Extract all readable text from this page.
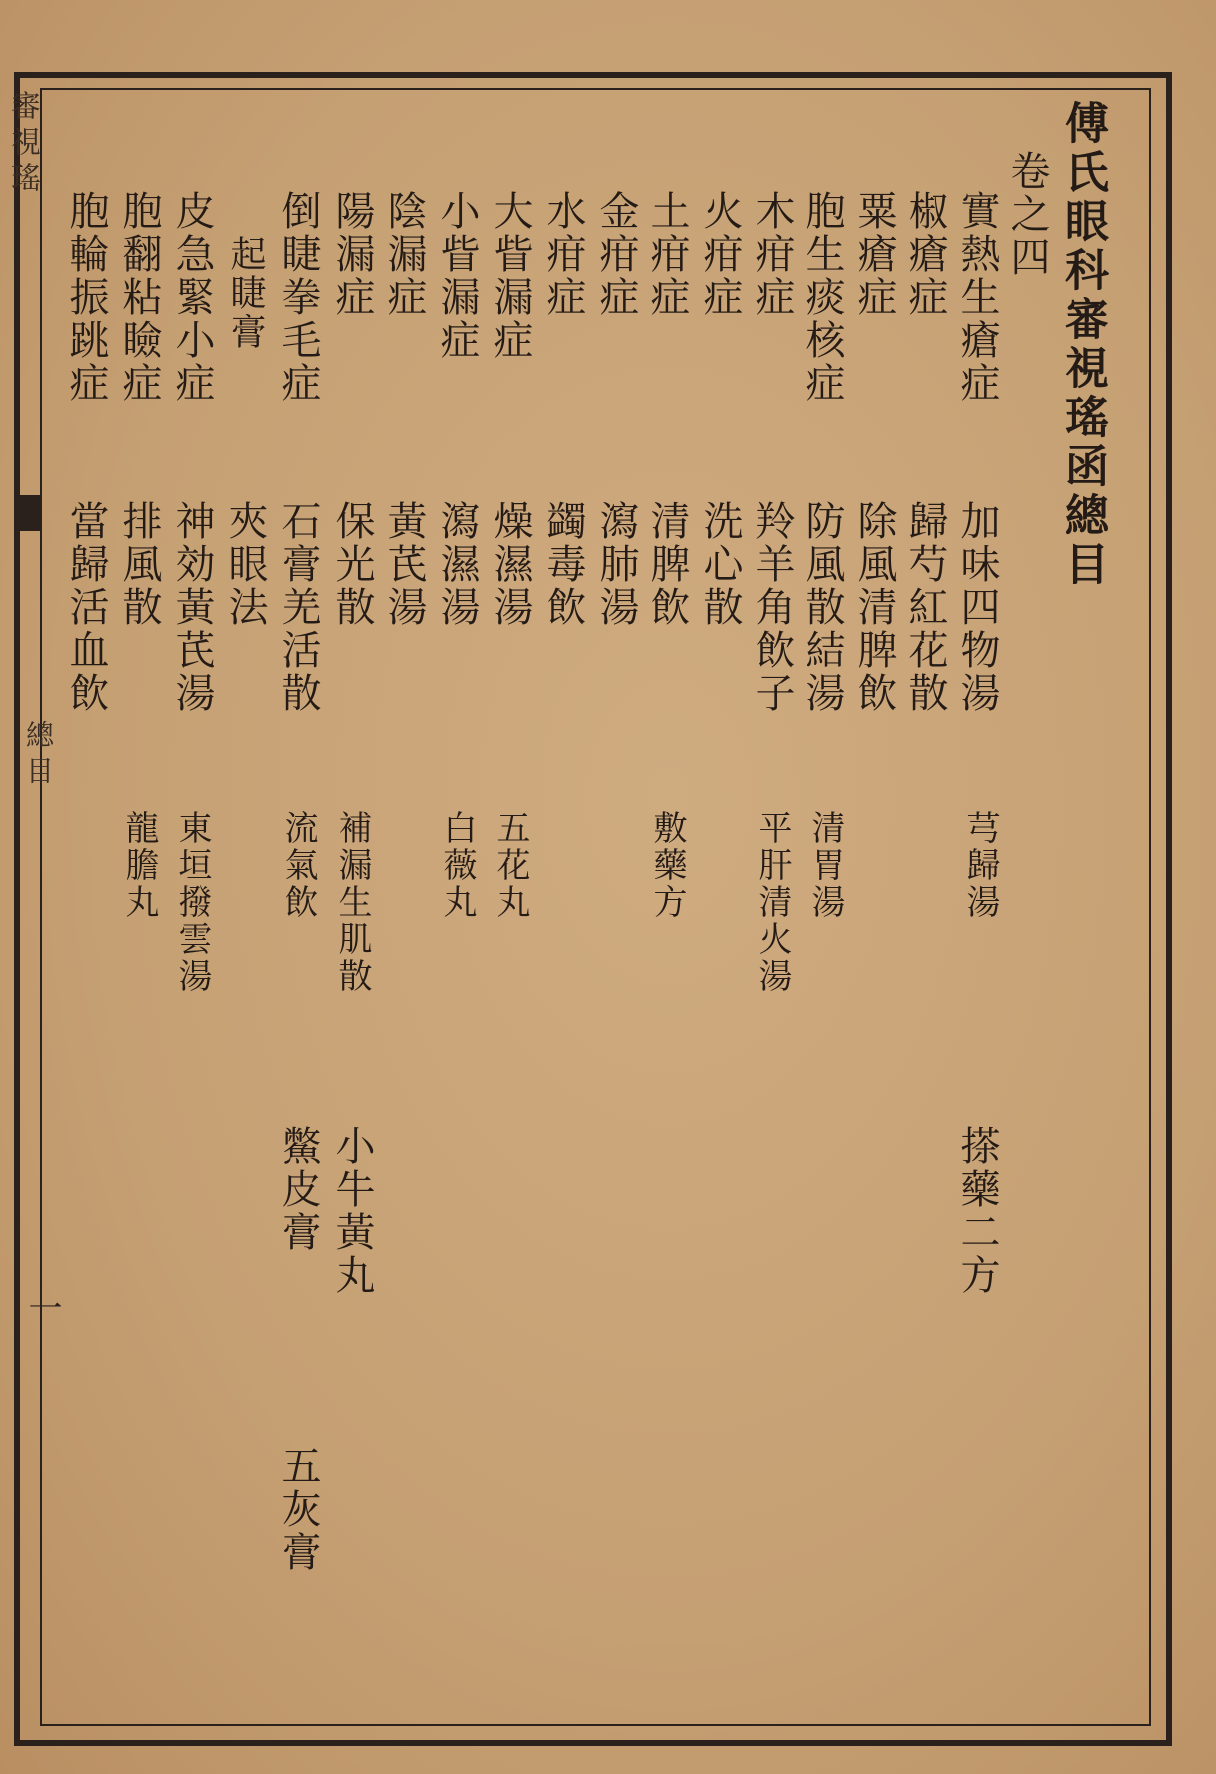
審視瑤
總目
一
傅氏眼科審視瑤函總目
卷之四
實熱生瘡症
椒瘡症
粟瘡症
胞生痰核症
木疳症
火疳症
土疳症
金疳症
水疳症
大眥漏症
小眥漏症
陰漏症
陽漏症
倒睫拳毛症
起睫膏
皮急緊小症
胞翻粘瞼症
胞輪振跳症
加味四物湯
歸芍紅花散
除風清脾飲
防風散結湯
羚羊角飲子
洗心散
清脾飲
瀉肺湯
蠲毒飲
燥濕湯
瀉濕湯
黃芪湯
保光散
石膏羌活散
夾眼法
神効黃芪湯
排風散
當歸活血飲
芎歸湯
清胃湯
平肝清火湯
敷藥方
五花丸
白薇丸
補漏生肌散
流氣飲
東垣撥雲湯
龍膽丸
搽藥二方
小牛黃丸
鱉皮膏
五灰膏
